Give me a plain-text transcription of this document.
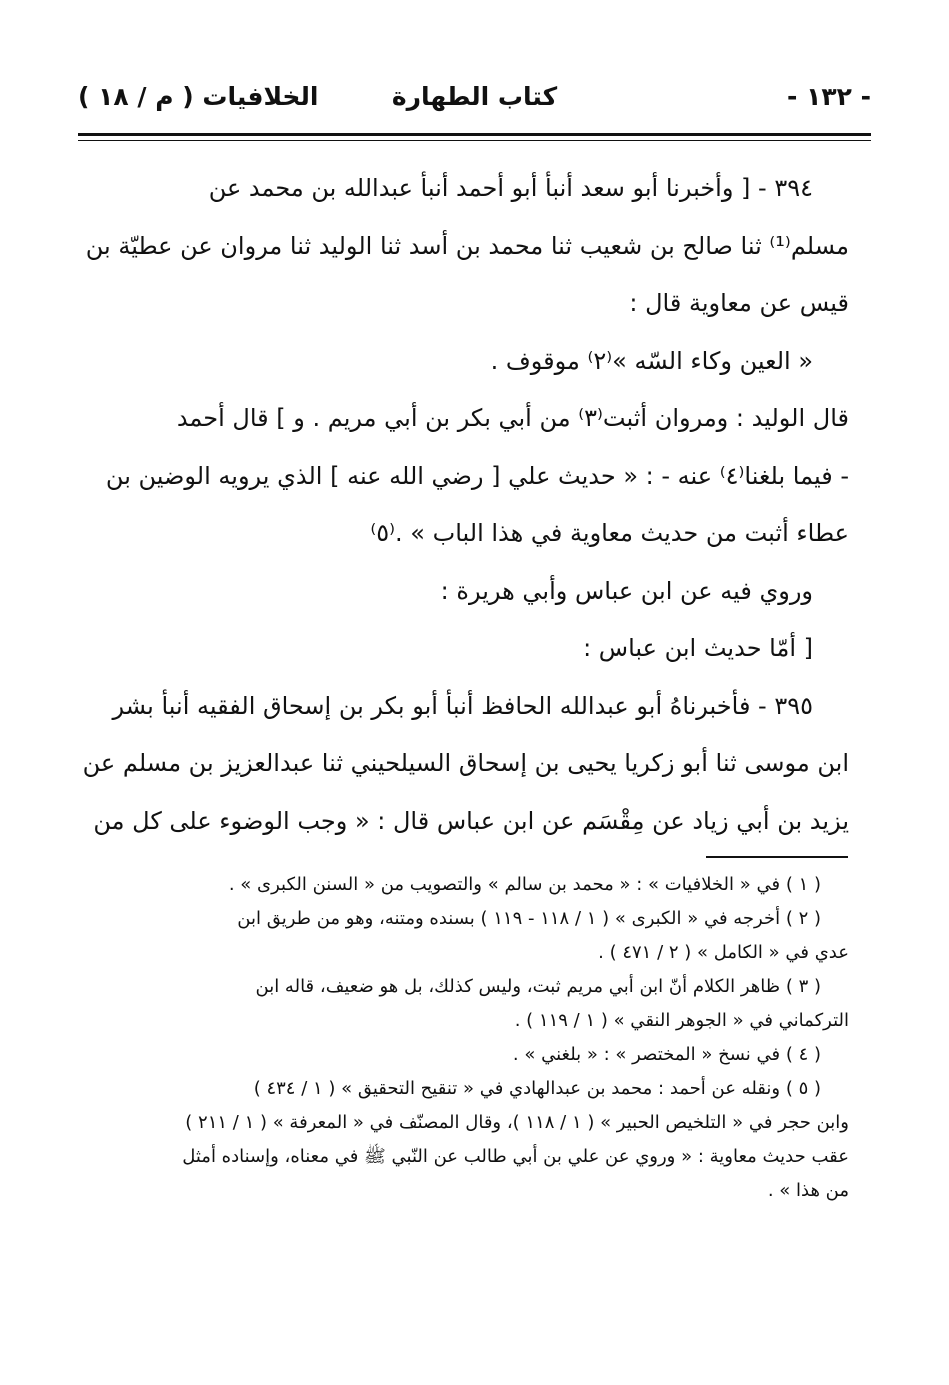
- ١٣٢ -
كتاب الطهارة
الخلافيات ( م / ١٨ )

٣٩٤ - [ وأخبرنا أبو سعد أنبأ أبو أحمد أنبأ عبدالله بن محمد عن

مسلم⁽¹⁾ ثنا صالح بن شعيب ثنا محمد بن أسد ثنا الوليد ثنا مروان عن عطيّة بن

قيس عن معاوية قال :

« العين وكاء السّه »⁽٢⁾ موقوف .

قال الوليد : ومروان أثبت⁽٣⁾ من أبي بكر بن أبي مريم . و ] قال أحمد

- فيما بلغنا⁽٤⁾ عنه - : « حديث علي [ رضي الله عنه ] الذي يرويه الوضين بن

عطاء أثبت من حديث معاوية في هذا الباب » .⁽٥⁾

وروي فيه عن ابن عباس وأبي هريرة :

[ أمّا حديث ابن عباس :

٣٩٥ - فأخبرناهُ أبو عبدالله الحافظ أنبأ أبو بكر بن إسحاق الفقيه أنبأ بشر

ابن موسى ثنا أبو زكريا يحيى بن إسحاق السيلحيني ثنا عبدالعزيز بن مسلم عن

يزيد بن أبي زياد عن مِقْسَم عن ابن عباس قال : « وجب الوضوء على كل من

( ١ ) في « الخلافيات » : « محمد بن سالم » والتصويب من « السنن الكبرى » .

( ٢ ) أخرجه في « الكبرى » ( ١ / ١١٨ - ١١٩ ) بسنده ومتنه، وهو من طريق ابن

عدي في « الكامل » ( ٢ / ٤٧١ ) .

( ٣ ) ظاهر الكلام أنّ ابن أبي مريم ثبت، وليس كذلك، بل هو ضعيف، قاله ابن

التركماني في « الجوهر النقي » ( ١ / ١١٩ ) .

( ٤ ) في نسخ « المختصر » : « بلغني » .

( ٥ ) ونقله عن أحمد : محمد بن عبدالهادي في « تنقيح التحقيق » ( ١ / ٤٣٤ )

وابن حجر في « التلخيص الحبير » ( ١ / ١١٨ )، وقال المصنّف في « المعرفة » ( ١ / ٢١١ )

عقب حديث معاوية : « وروي عن علي بن أبي طالب عن النّبي ﷺ في معناه، وإسناده أمثل

من هذا » .
